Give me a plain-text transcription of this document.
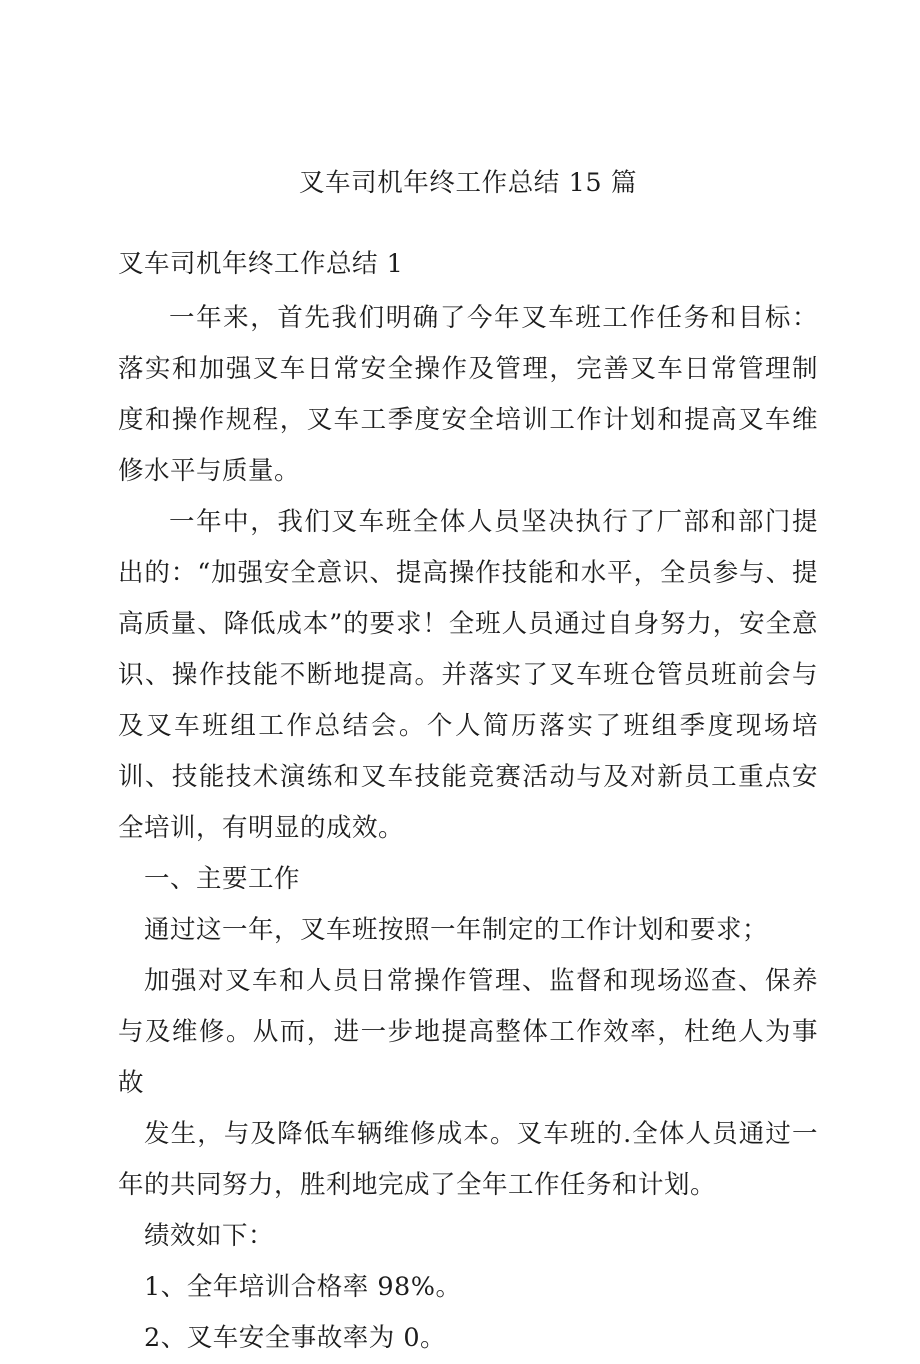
叉车司机年终工作总结 15 篇
叉车司机年终工作总结 1

一年来，首先我们明确了今年叉车班工作任务和目标：落实和加强叉车日常安全操作及管理，完善叉车日常管理制度和操作规程，叉车工季度安全培训工作计划和提高叉车维修水平与质量。

一年中，我们叉车班全体人员坚决执行了厂部和部门提出的：“加强安全意识、提高操作技能和水平，全员参与、提高质量、降低成本”的要求！全班人员通过自身努力，安全意识、操作技能不断地提高。并落实了叉车班仓管员班前会与及叉车班组工作总结会。个人简历落实了班组季度现场培训、技能技术演练和叉车技能竞赛活动与及对新员工重点安全培训，有明显的成效。

一、主要工作

通过这一年，叉车班按照一年制定的工作计划和要求；

加强对叉车和人员日常操作管理、监督和现场巡查、保养与及维修。从而，进一步地提高整体工作效率，杜绝人为事故

发生，与及降低车辆维修成本。叉车班的.全体人员通过一年的共同努力，胜利地完成了全年工作任务和计划。

绩效如下：

1、全年培训合格率 98%。

2、叉车安全事故率为 0。
